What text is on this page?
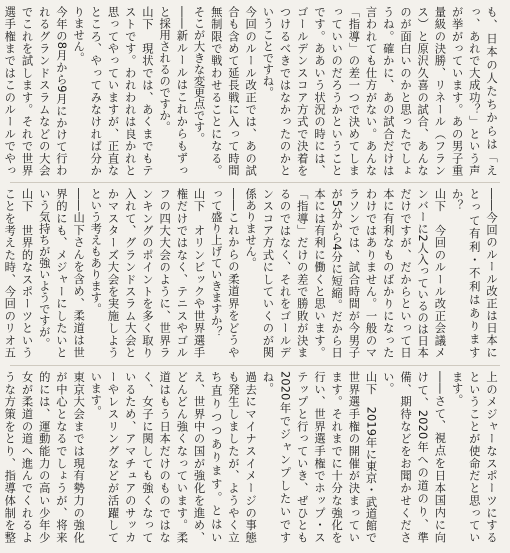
も、日本の人たちからは「えっ、あれで大成功？」という声が挙がっています。あの男子重量級の決勝、リネール（フランス）と原沢久喜の試合、あんなのが面白いのかと思ったでしょうね。確かに、あの試合だけは言われても仕方がない。あんな「指導」の差一つで決めてしまっていいのだろうかということです。ああいう状況の時には、ゴールデンスコア方式で決着をつけるべきではなかったのかということですね。

今回のルール改正では、あの試合も含めて延長戦に入って時間無制限で戦わせることになる。そこが大きな変更点です。

――新ルールはこれからもずっと採用されるのですか。

山下　現状では、あくまでもテストです。われわれは良かれと思ってやっていますが、正直なところ、やってみなければ分かりません。

今年の8月から9月にかけて行われるグランドスラムなどの大会でこれを試します。それで世界選手権まではこのルールでやっ

――今回のルール改正は日本にとって有利・不利はありますか？

山下　今回のルール改正会議メンバーに2人入っているのは日本だけですが、だからといって日本に有利なものばかりになったわけではありません。一般のマラソンでは、試合時間が今男子が5分から4分に短縮。だから日本には有利に働くと思います。「指導」だけの差で勝敗が決まるのではなく、それをゴールデンスコア方式にしていくのが関係ありません。

――これからの柔道界をどうやって盛り上げていきますか？

山下　オリンピックや世界選手権だけではなく、テニスやゴルフの四大大会のように、世界ランキングのポイントを多く取り入れて、グランドスラム大会とかマスターズ大会を実施しようという考えもあります。

――山下さんを含め、柔道は世界的にも、メジャーにしたいという気持ちが強いようですが。

山下　世界的なスポーツということを考えた時、今回のリオ五

上のメジャーなスポーツにするということが使命だと思っています。

――さて、視点を日本国内に向けて、2020年への道のり、準備、期待などをお聞かせください。

山下　2019年に東京・武道館で世界選手権の開催が決まっています。それまでに十分な強化を行い、世界選手権でホップ・ステップと行っていき、ぜひとも2020年でジャンプしたいですね。

過去にマイナスイメージの事態も発生しましたが、ようやく立ち直りつつあります。とはいえ、世界中の国が強化を進め、どんどん強くなっています。柔道はもう日本だけのものではなく、女子に関しても強くなっているため、アマチュアのサッカーやレスリングなどが活躍しています。

東京大会までは現有勢力の強化が中心となるでしょうが、将来的には、運動能力の高い少年少女が柔道の道へ進んでくれるような方策をとり、指導体制を整
